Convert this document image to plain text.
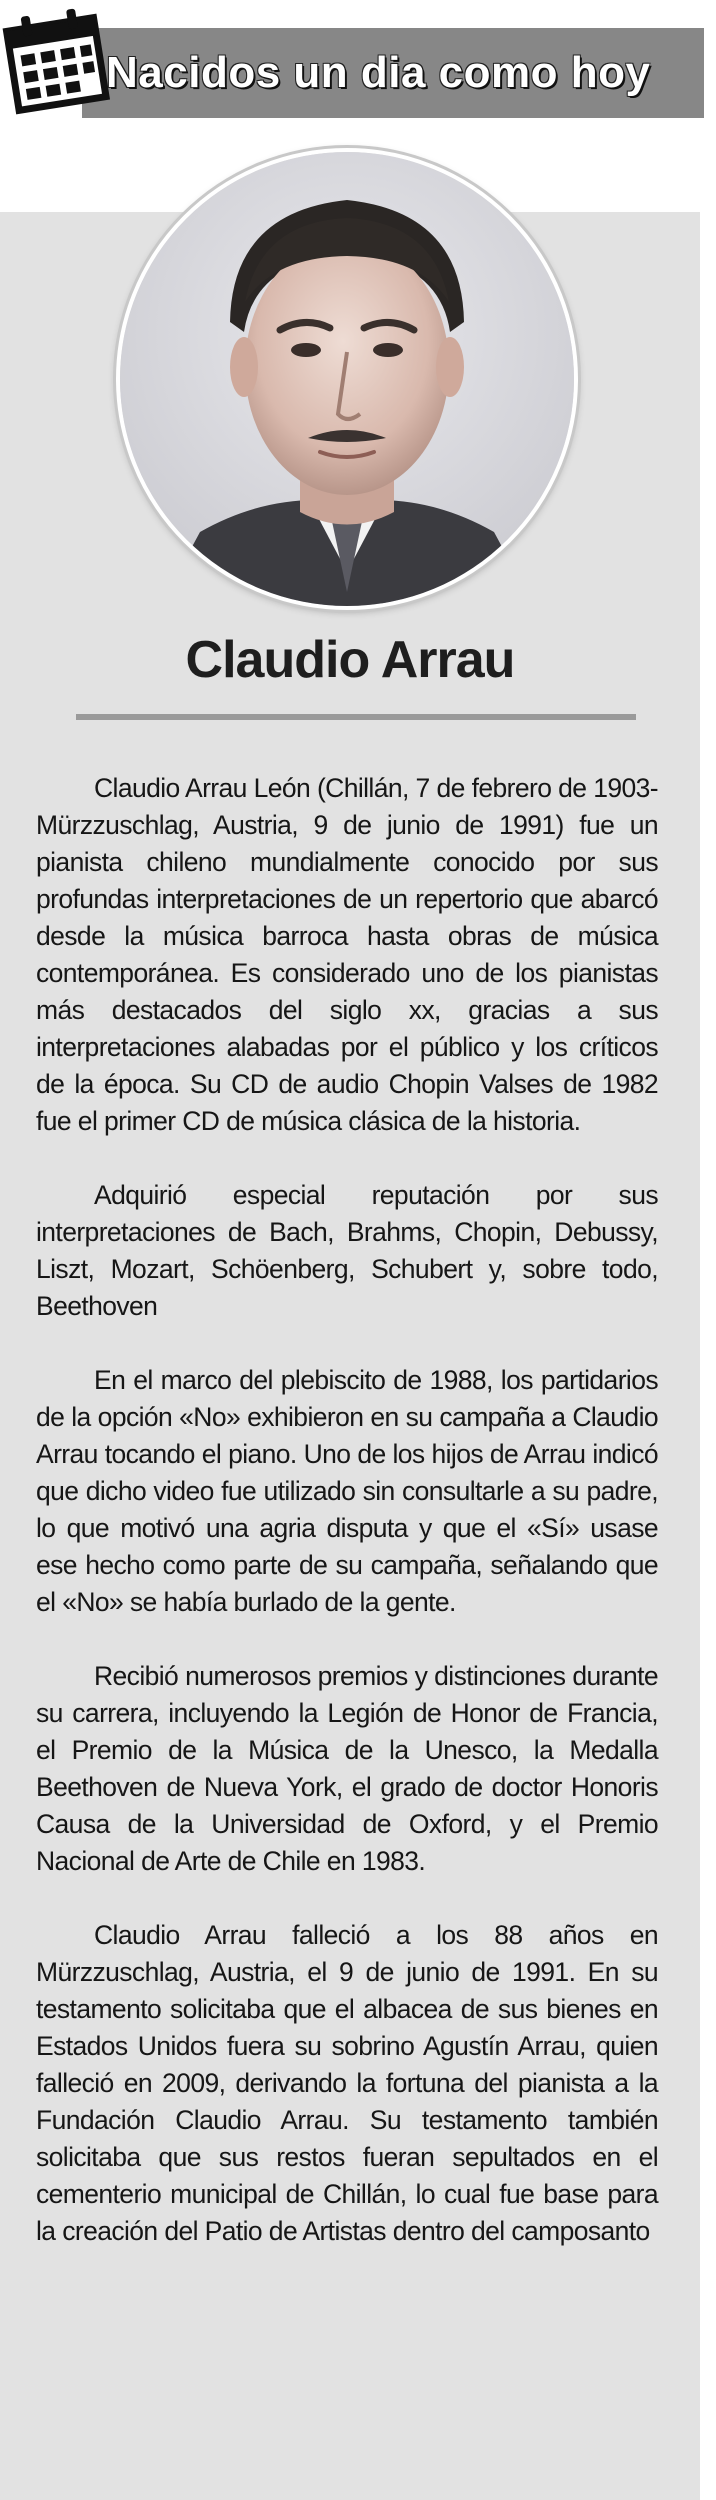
Nacidos un dia como hoy
Claudio Arrau

Claudio Arrau León (Chillán, 7 de febrero de 1903-Mürzzuschlag, Austria, 9 de junio de 1991) fue un pianista chileno mundialmente conocido por sus profundas interpretaciones de un repertorio que abarcó desde la música barroca hasta obras de música contemporánea. Es considerado uno de los pianistas más destacados del siglo xx, gracias a sus interpretaciones alabadas por el público y los críticos de la época. Su CD de audio Chopin Valses de 1982 fue el primer CD de música clásica de la historia.

Adquirió especial reputación por sus interpretaciones de Bach, Brahms, Chopin, Debussy, Liszt, Mozart, Schöenberg, Schubert y, sobre todo, Beethoven

En el marco del plebiscito de 1988, los partidarios de la opción «No» exhibieron en su campaña a Claudio Arrau tocando el piano. Uno de los hijos de Arrau indicó que dicho video fue utilizado sin consultarle a su padre, lo que motivó una agria disputa y que el «Sí» usase ese hecho como parte de su campaña, señalando que el «No» se había burlado de la gente.

Recibió numerosos premios y distinciones durante su carrera, incluyendo la Legión de Honor de Francia, el Premio de la Música de la Unesco, la Medalla Beethoven de Nueva York, el grado de doctor Honoris Causa de la Universidad de Oxford, y el Premio Nacional de Arte de Chile en 1983.

Claudio Arrau falleció a los 88 años en Mürzzuschlag, Austria, el 9 de junio de 1991. En su testamento solicitaba que el albacea de sus bienes en Estados Unidos fuera su sobrino Agustín Arrau, quien falleció en 2009, derivando la fortuna del pianista a la Fundación Claudio Arrau. Su testamento también solicitaba que sus restos fueran sepultados en el cementerio municipal de Chillán, lo cual fue base para la creación del Patio de Artistas dentro del camposanto
